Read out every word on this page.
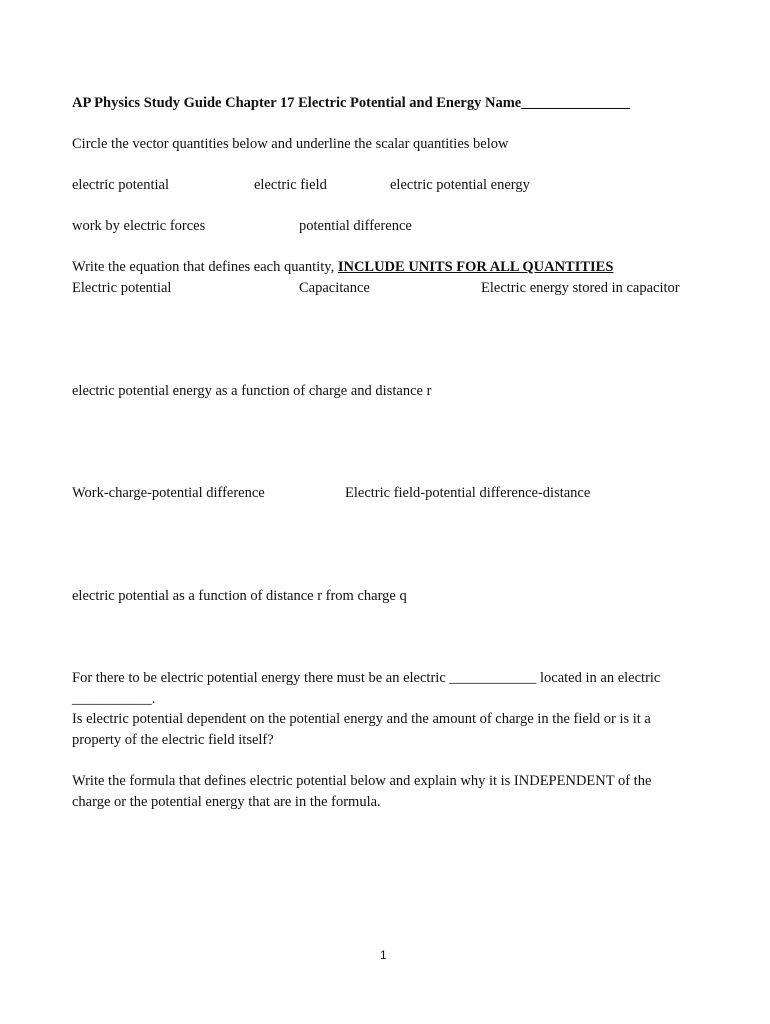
AP Physics Study Guide Chapter 17 Electric Potential and Energy Name_______________
Circle the vector quantities below and underline the scalar quantities below
electric potential	electric field	electric potential energy
work by electric forces	potential difference
Write the equation that defines each quantity, INCLUDE UNITS FOR ALL QUANTITIES
Electric potential	Capacitance	Electric energy stored in capacitor
electric potential energy as a function of charge and distance r
Work-charge-potential difference	Electric field-potential difference-distance
electric potential as a function of distance r from charge q
For there to be electric potential energy there must be an electric ____________ located in an electric
___________.
Is electric potential dependent on the potential energy and the amount of charge in the field or is it a
property of the electric field itself?
Write the formula that defines electric potential below and explain why it is INDEPENDENT of the
charge or the potential energy that are in the formula.
1
